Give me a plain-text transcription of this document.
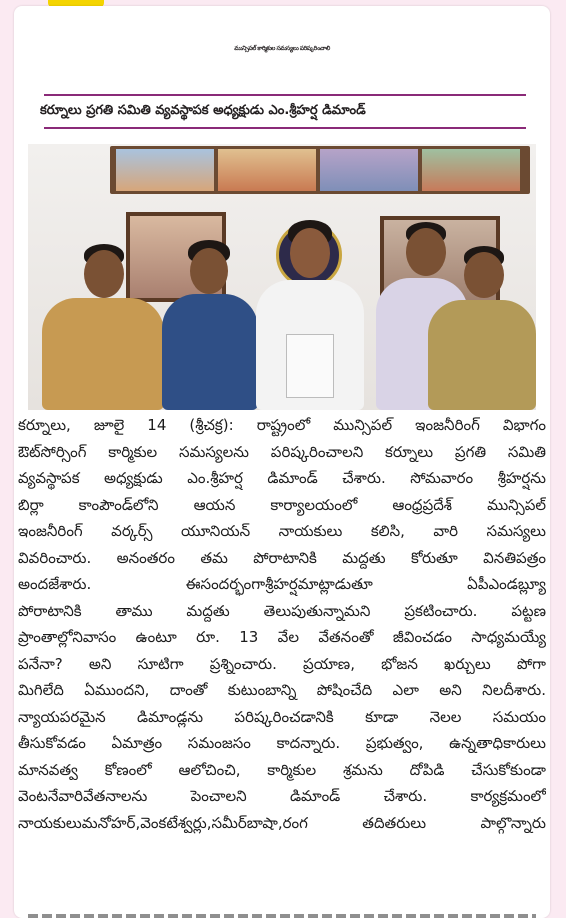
మున్సిపల్ కార్మికుల సమస్యలు పరిష్కరించాలి
కర్నూలు ప్రగతి సమితి వ్యవస్థాపక అధ్యక్షుడు ఎం.శ్రీహర్ష డిమాండ్
కర్నూలు, జూలై 14 (శ్రీచక్ర): రాష్ట్రంలో మున్సిపల్ ఇంజనీరింగ్ విభాగం
ఔట్‌సోర్సింగ్ కార్మికుల సమస్యలను పరిష్కరించాలని కర్నూలు ప్రగతి సమితి
వ్యవస్థాపక అధ్యక్షుడు ఎం.శ్రీహర్ష డిమాండ్ చేశారు. సోమవారం శ్రీహర్షను
బిర్లా కాంపౌండ్‌లోని ఆయన కార్యాలయంలో ఆంధ్రప్రదేశ్ మున్సిపల్
ఇంజనీరింగ్ వర్కర్స్ యూనియన్ నాయకులు కలిసి, వారి సమస్యలు
వివరించారు. అనంతరం తమ పోరాటానికి మద్దతు కోరుతూ వినతిపత్రం
అందజేశారు. ఈసందర్భంగాశ్రీహర్షమాట్లాడుతూ ఏపీఎండబ్ల్యూ
పోరాటానికి తాము మద్దతు తెలుపుతున్నామని ప్రకటించారు. పట్టణ
ప్రాంతాల్లోనివాసం ఉంటూ రూ. 13 వేల వేతనంతో జీవించడం సాధ్యమయ్యే
పనేనా? అని సూటిగా ప్రశ్నించారు. ప్రయాణ, భోజన ఖర్చులు పోగా
మిగిలేది ఏముందని, దాంతో కుటుంబాన్ని పోషించేది ఎలా అని నిలదీశారు.
న్యాయపరమైన డిమాండ్లను పరిష్కరించడానికి కూడా నెలల సమయం
తీసుకోవడం ఏమాత్రం సమంజసం కాదన్నారు. ప్రభుత్వం, ఉన్నతాధికారులు
మానవత్వ కోణంలో ఆలోచించి, కార్మికుల శ్రమను దోపిడి చేసుకోకుండా
వెంటనేవారివేతనాలను పెంచాలని డిమాండ్ చేశారు. కార్యక్రమంలో
నాయకులుమనోహర్,వెంకటేశ్వర్లు,సమీర్‌బాషా,రంగ తదితరులు పాల్గొన్నారు
